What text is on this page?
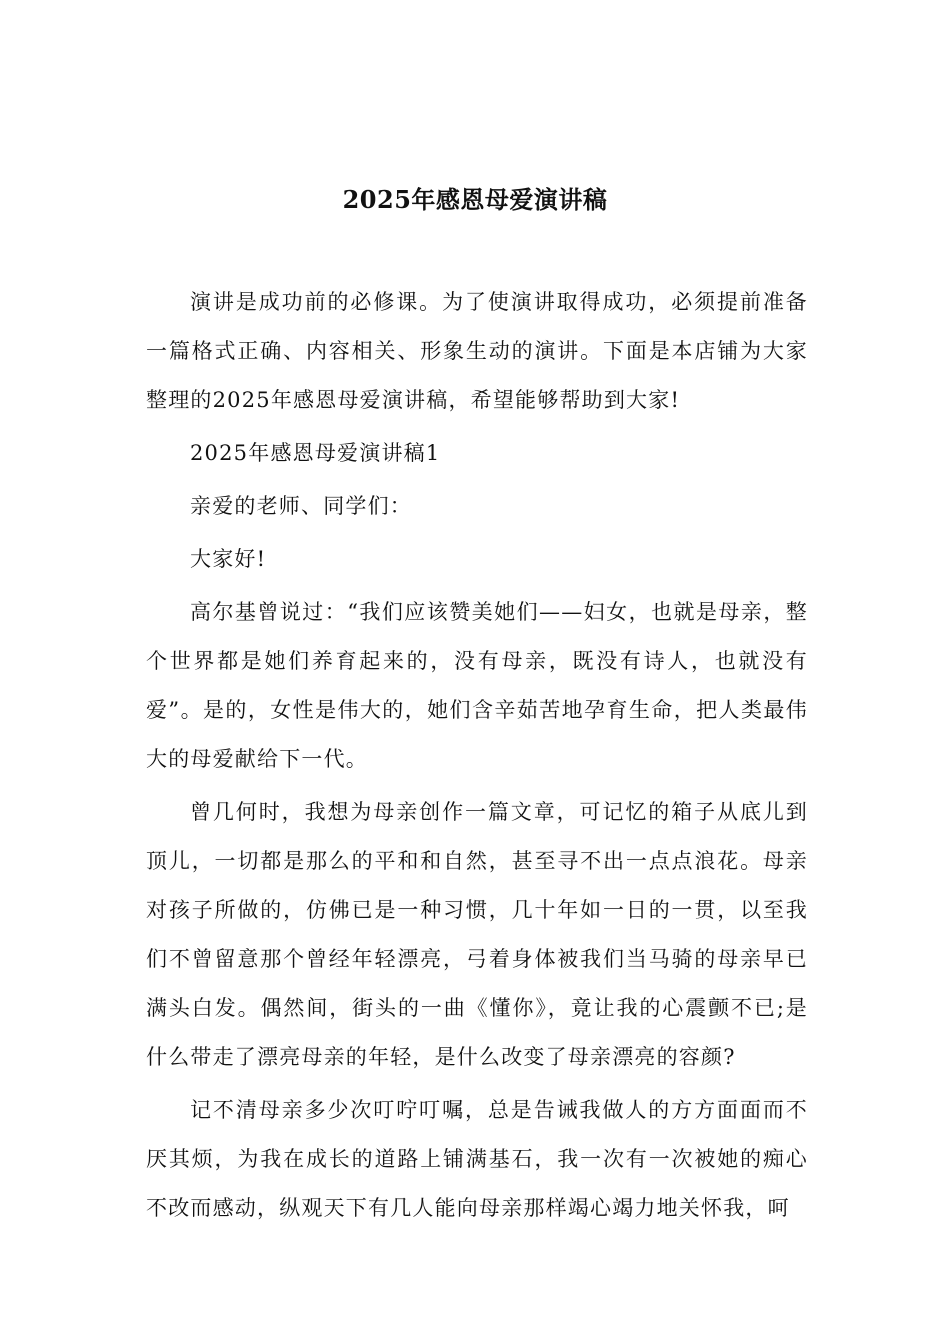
2025年感恩母爱演讲稿

演讲是成功前的必修课。为了使演讲取得成功，必须提前准备一篇格式正确、内容相关、形象生动的演讲。下面是本店铺为大家整理的2025年感恩母爱演讲稿，希望能够帮助到大家!

2025年感恩母爱演讲稿1

亲爱的老师、同学们：

大家好!

高尔基曾说过：“我们应该赞美她们——妇女，也就是母亲，整个世界都是她们养育起来的，没有母亲，既没有诗人，也就没有爱”。是的，女性是伟大的，她们含辛茹苦地孕育生命，把人类最伟大的母爱献给下一代。

曾几何时，我想为母亲创作一篇文章，可记忆的箱子从底儿到顶儿，一切都是那么的平和和自然，甚至寻不出一点点浪花。母亲对孩子所做的，仿佛已是一种习惯，几十年如一日的一贯，以至我们不曾留意那个曾经年轻漂亮，弓着身体被我们当马骑的母亲早已满头白发。偶然间，街头的一曲《懂你》，竟让我的心震颤不已;是什么带走了漂亮母亲的年轻，是什么改变了母亲漂亮的容颜?

记不清母亲多少次叮咛叮嘱，总是告诫我做人的方方面面而不厌其烦，为我在成长的道路上铺满基石，我一次有一次被她的痴心不改而感动，纵观天下有几人能向母亲那样竭心竭力地关怀我，呵
